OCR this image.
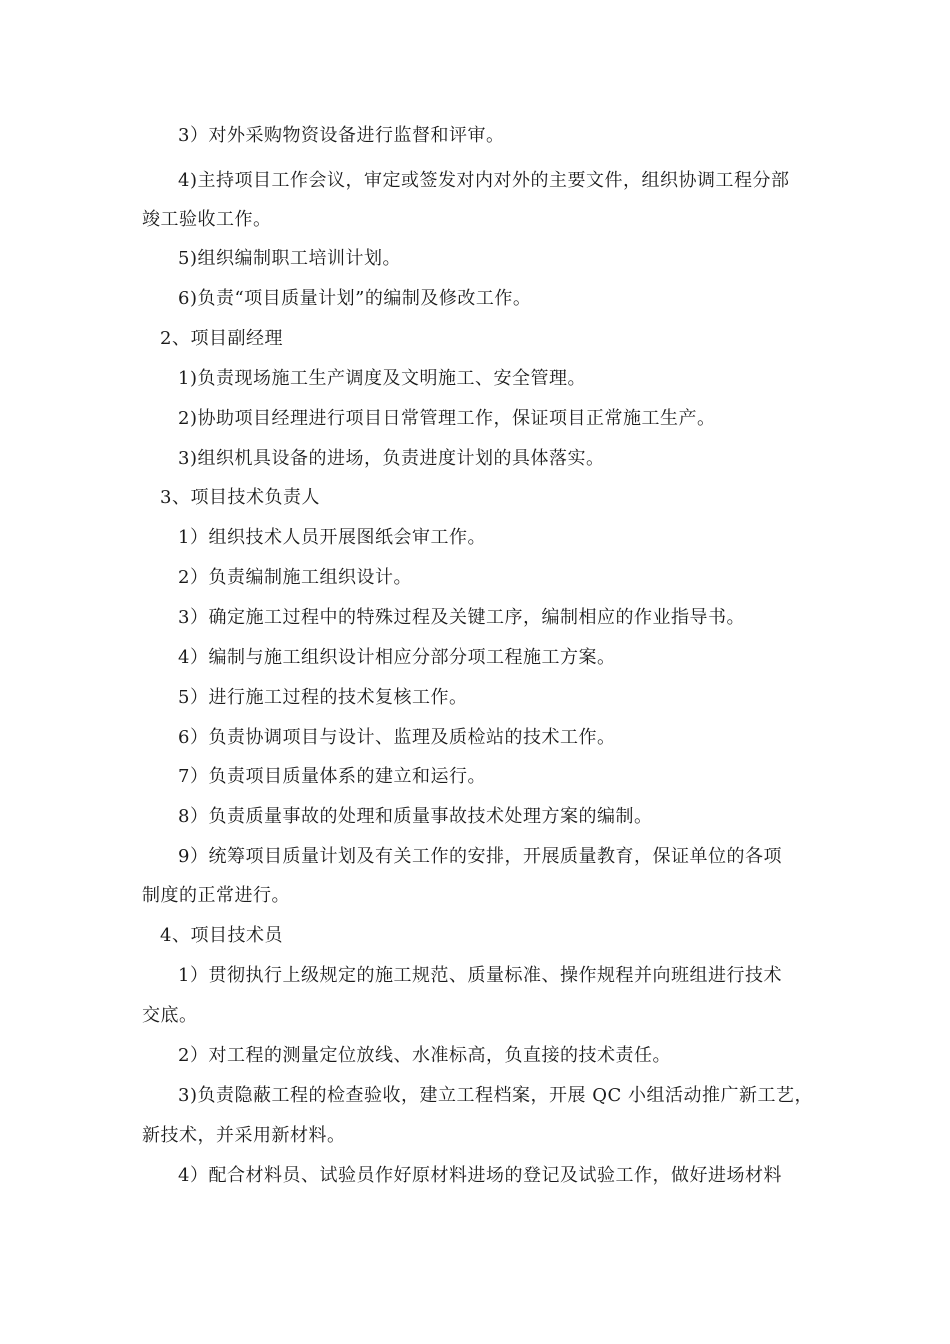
3）对外采购物资设备进行监督和评审。
4)主持项目工作会议，审定或签发对内对外的主要文件，组织协调工程分部
竣工验收工作。
5)组织编制职工培训计划。
6)负责“项目质量计划”的编制及修改工作。
2、项目副经理
1)负责现场施工生产调度及文明施工、安全管理。
2)协助项目经理进行项目日常管理工作，保证项目正常施工生产。
3)组织机具设备的进场，负责进度计划的具体落实。
3、项目技术负责人
1）组织技术人员开展图纸会审工作。
2）负责编制施工组织设计。
3）确定施工过程中的特殊过程及关键工序，编制相应的作业指导书。
4）编制与施工组织设计相应分部分项工程施工方案。
5）进行施工过程的技术复核工作。
6）负责协调项目与设计、监理及质检站的技术工作。
7）负责项目质量体系的建立和运行。
8）负责质量事故的处理和质量事故技术处理方案的编制。
9）统筹项目质量计划及有关工作的安排，开展质量教育，保证单位的各项
制度的正常进行。
4、项目技术员
1）贯彻执行上级规定的施工规范、质量标准、操作规程并向班组进行技术
交底。
2）对工程的测量定位放线、水准标高，负直接的技术责任。
3)负责隐蔽工程的检查验收，建立工程档案，开展 QC 小组活动推广新工艺，
新技术，并采用新材料。
4）配合材料员、试验员作好原材料进场的登记及试验工作，做好进场材料
